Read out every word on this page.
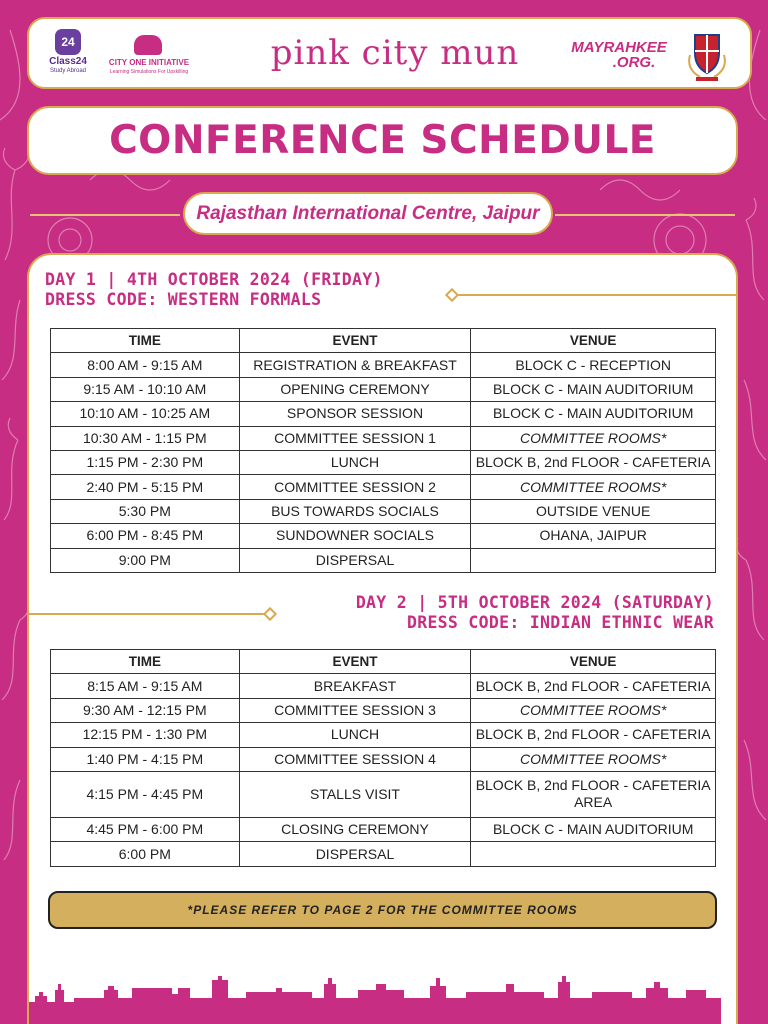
24
Class24
Study Abroad
CITY ONE INITIATIVE
Learning Simulations For Upskilling	pink city mun	MAYRAHKEE
.ORG.
CONFERENCE SCHEDULE
Rajasthan International Centre, Jaipur
DAY 1 | 4TH OCTOBER 2024 (FRIDAY)
DRESS CODE: WESTERN FORMALS
TIME	EVENT	VENUE
8:00 AM - 9:15 AM	REGISTRATION & BREAKFAST	BLOCK C - RECEPTION
9:15 AM - 10:10 AM	OPENING CEREMONY	BLOCK C - MAIN AUDITORIUM
10:10 AM - 10:25 AM	SPONSOR SESSION	BLOCK C - MAIN AUDITORIUM
10:30 AM - 1:15 PM	COMMITTEE SESSION 1	COMMITTEE ROOMS*
1:15 PM - 2:30 PM	LUNCH	BLOCK B, 2nd FLOOR - CAFETERIA
2:40 PM - 5:15 PM	COMMITTEE SESSION 2	COMMITTEE ROOMS*
5:30 PM	BUS TOWARDS SOCIALS	OUTSIDE VENUE
6:00 PM - 8:45 PM	SUNDOWNER SOCIALS	OHANA, JAIPUR
9:00 PM	DISPERSAL	
DAY 2 | 5TH OCTOBER 2024 (SATURDAY)
DRESS CODE: INDIAN ETHNIC WEAR
TIME	EVENT	VENUE
8:15 AM - 9:15 AM	BREAKFAST	BLOCK B, 2nd FLOOR - CAFETERIA
9:30 AM - 12:15 PM	COMMITTEE SESSION 3	COMMITTEE ROOMS*
12:15 PM - 1:30 PM	LUNCH	BLOCK B, 2nd FLOOR - CAFETERIA
1:40 PM - 4:15 PM	COMMITTEE SESSION 4	COMMITTEE ROOMS*
4:15 PM - 4:45 PM	STALLS VISIT	BLOCK B, 2nd FLOOR - CAFETERIA AREA
4:45 PM - 6:00 PM	CLOSING CEREMONY	BLOCK C - MAIN AUDITORIUM
6:00 PM	DISPERSAL	
*PLEASE REFER TO PAGE 2 FOR THE COMMITTEE ROOMS
